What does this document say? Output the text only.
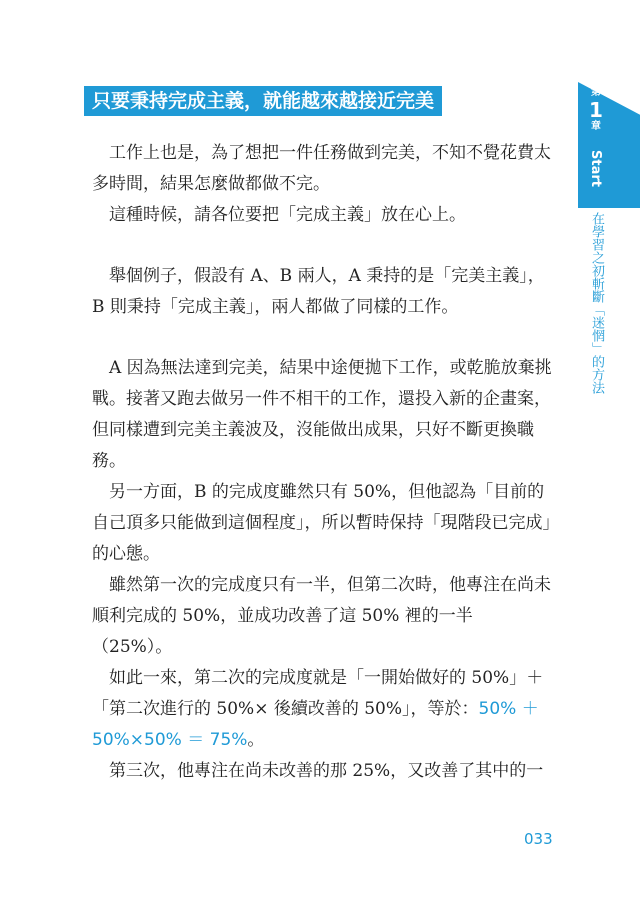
只要秉持完成主義，就能越來越接近完美	第
1
章
Start
在學習之初斬斷「迷惘」的方法

工作上也是，為了想把一件任務做到完美，不知不覺花費太多時間，結果怎麼做都做不完。

這種時候，請各位要把「完成主義」放在心上。

舉個例子，假設有 A、B 兩人，A 秉持的是「完美主義」，B 則秉持「完成主義」，兩人都做了同樣的工作。

A 因為無法達到完美，結果中途便拋下工作，或乾脆放棄挑戰。接著又跑去做另一件不相干的工作，還投入新的企畫案，但同樣遭到完美主義波及，沒能做出成果，只好不斷更換職務。

另一方面，B 的完成度雖然只有 50%，但他認為「目前的自己頂多只能做到這個程度」，所以暫時保持「現階段已完成」的心態。

雖然第一次的完成度只有一半，但第二次時，他專注在尚未順利完成的 50%，並成功改善了這 50% 裡的一半（25%）。

如此一來，第二次的完成度就是「一開始做好的 50%」＋「第二次進行的 50%× 後續改善的 50%」，等於：50% ＋ 50%×50% ＝ 75%。

第三次，他專注在尚未改善的那 25%，又改善了其中的一

033
